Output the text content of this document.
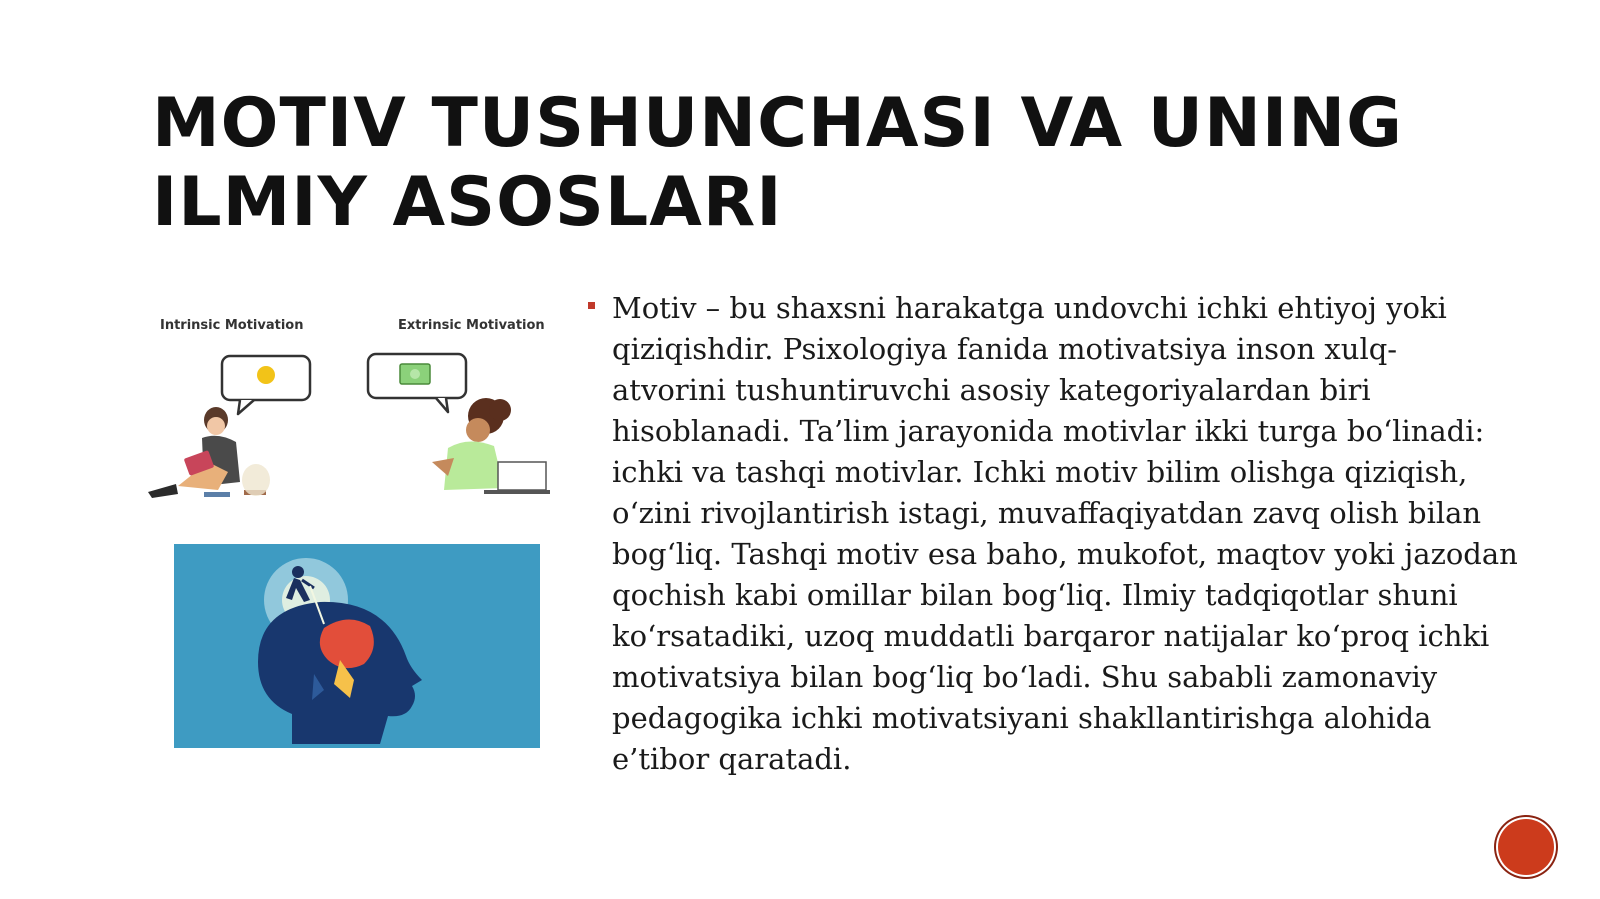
MOTIV TUSHUNCHASI VA UNING
ILMIY ASOSLARI
Intrinsic Motivation	Extrinsic Motivation

Motiv – bu shaxsni harakatga undovchi ichki ehtiyoj yoki
qiziqishdir. Psixologiya fanida motivatsiya inson xulq-
atvorini tushuntiruvchi asosiy kategoriyalardan biri
hisoblanadi. Ta’lim jarayonida motivlar ikki turga bo‘linadi:
ichki va tashqi motivlar. Ichki motiv bilim olishga qiziqish,
o‘zini rivojlantirish istagi, muvaffaqiyatdan zavq olish bilan
bog‘liq. Tashqi motiv esa baho, mukofot, maqtov yoki jazodan
qochish kabi omillar bilan bog‘liq. Ilmiy tadqiqotlar shuni
ko‘rsatadiki, uzoq muddatli barqaror natijalar ko‘proq ichki
motivatsiya bilan bog‘liq bo‘ladi. Shu sababli zamonaviy
pedagogika ichki motivatsiyani shakllantirishga alohida
e’tibor qaratadi.
